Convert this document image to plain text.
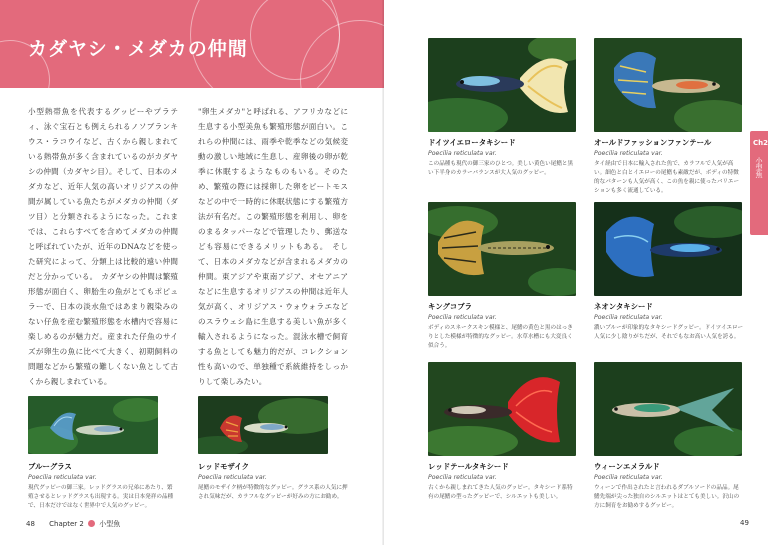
カダヤシ・メダカの仲間
小型熱帯魚を代表するグッピーやプラティ、泳ぐ宝石とも例えられるノソブランキウス・ラコウイなど、古くから親しまれている熱帯魚が多く含まれているのがカダヤシの仲間（カダヤシ目）。そして、日本のメダカなど、近年人気の高いオリジアスの仲間が属している魚たちがメダカの仲間（ダツ目）と分類されるようになった。これまでは、これらすべてを含めてメダカの仲間と呼ばれていたが、近年のDNAなどを使った研究によって、分類上は比較的遠い仲間だと分かっている。　カダヤシの仲間は繁殖形態が面白く、卵胎生の魚がとてもポピュラーで、日本の淡水魚ではあまり親染みのない仔魚を産む繁殖形態を水槽内で容易に楽しめるのが魅力だ。産まれた仔魚のサイズが卵生の魚に比べて大きく、初期飼料の問題などから繁殖の難しくない魚として古くから親しまれている。
"卵生メダカ"と呼ばれる、アフリカなどに生息する小型美魚も繁殖形態が面白い。これらの仲間には、雨季や乾季などの気候変動の激しい地域に生息し、産卵後の卵が乾季に休眠するようなものもいる。そのため、繁殖の際には採卵した卵をピートモスなどの中で一時的に休眠状態にする繁殖方法が有名だ。この繁殖形態を利用し、卵をのまるタッパーなどで管理したり、郵送なども容易にできるメリットもある。　そして、日本のメダカなどが含まれるメダカの仲間。東アジアや東南アジア、オセアニアなどに生息するオリジアスの仲間は近年人気が高く、オリジアス・ウォウォラエなどのスラウェシ島に生息する美しい魚が多く輸入されるようになった。混泳水槽で飼育する魚としても魅力的だが、コレクション性も高いので、単独種で系統維持をしっかりして楽しみたい。
ブルーグラス
Poecilia reticulata var.
現代グッピーの御三家。レッドグラスの兄弟にあたり、繁殖させるとレッドグラスも出現する。実は日本発祥の品種で、日本だけではなく世界中で人気のグッピー。
レッドモザイク
Poecilia reticulata var.
尾鰭のモザイク柄が特徴的なグッピー。グラス系の人気に押され気味だが、カラフルなグッピーが好みの方にお勧め。
48 Chapter 2 小型魚
ドイツイエロータキシード
Poecilia reticulata var.
この品種も現代の御三家のひとつ。美しい黄色い尾鰭と黒い下半身のカラーバランスが大人気のグッピー。
オールドファッションファンテール
Poecilia reticulata var.
タイ経由で日本に輸入された魚で、カラフルで人気が高い。細色と白とイエローの尾鰭も素敵だが、ボディの特徴的なパターンも人気が高く、この魚を親に使ったバリエーションも多く流通している。
キングコブラ
Poecilia reticulata var.
ボディのスネークスキン模様と、尾鰭の黄色と黒のはっきりとした模様が特徴的なグッピー。水草水槽にも大変良く似合う。
ネオンタキシード
Poecilia reticulata var.
濃いブルーが印象的なタキシードグッピー。ドイツイエロー人気に少し陰りがちだが、それでもなお高い人気を誇る。
レッドテールタキシード
Poecilia reticulata var.
古くから親しまれてきた人気のグッピー。タキシード系特有の尾鰭の型ったグッピーで、シルエットも美しい。
ウィーンエメラルド
Poecilia reticulata var.
ウィーンで作出されたと言われるダブルソードの品品。尾鰭先端が尖った独自のシルエットはとても美しい。沢山の方に飼育をお勧めするグッピー。
Ch2
小型魚
49
